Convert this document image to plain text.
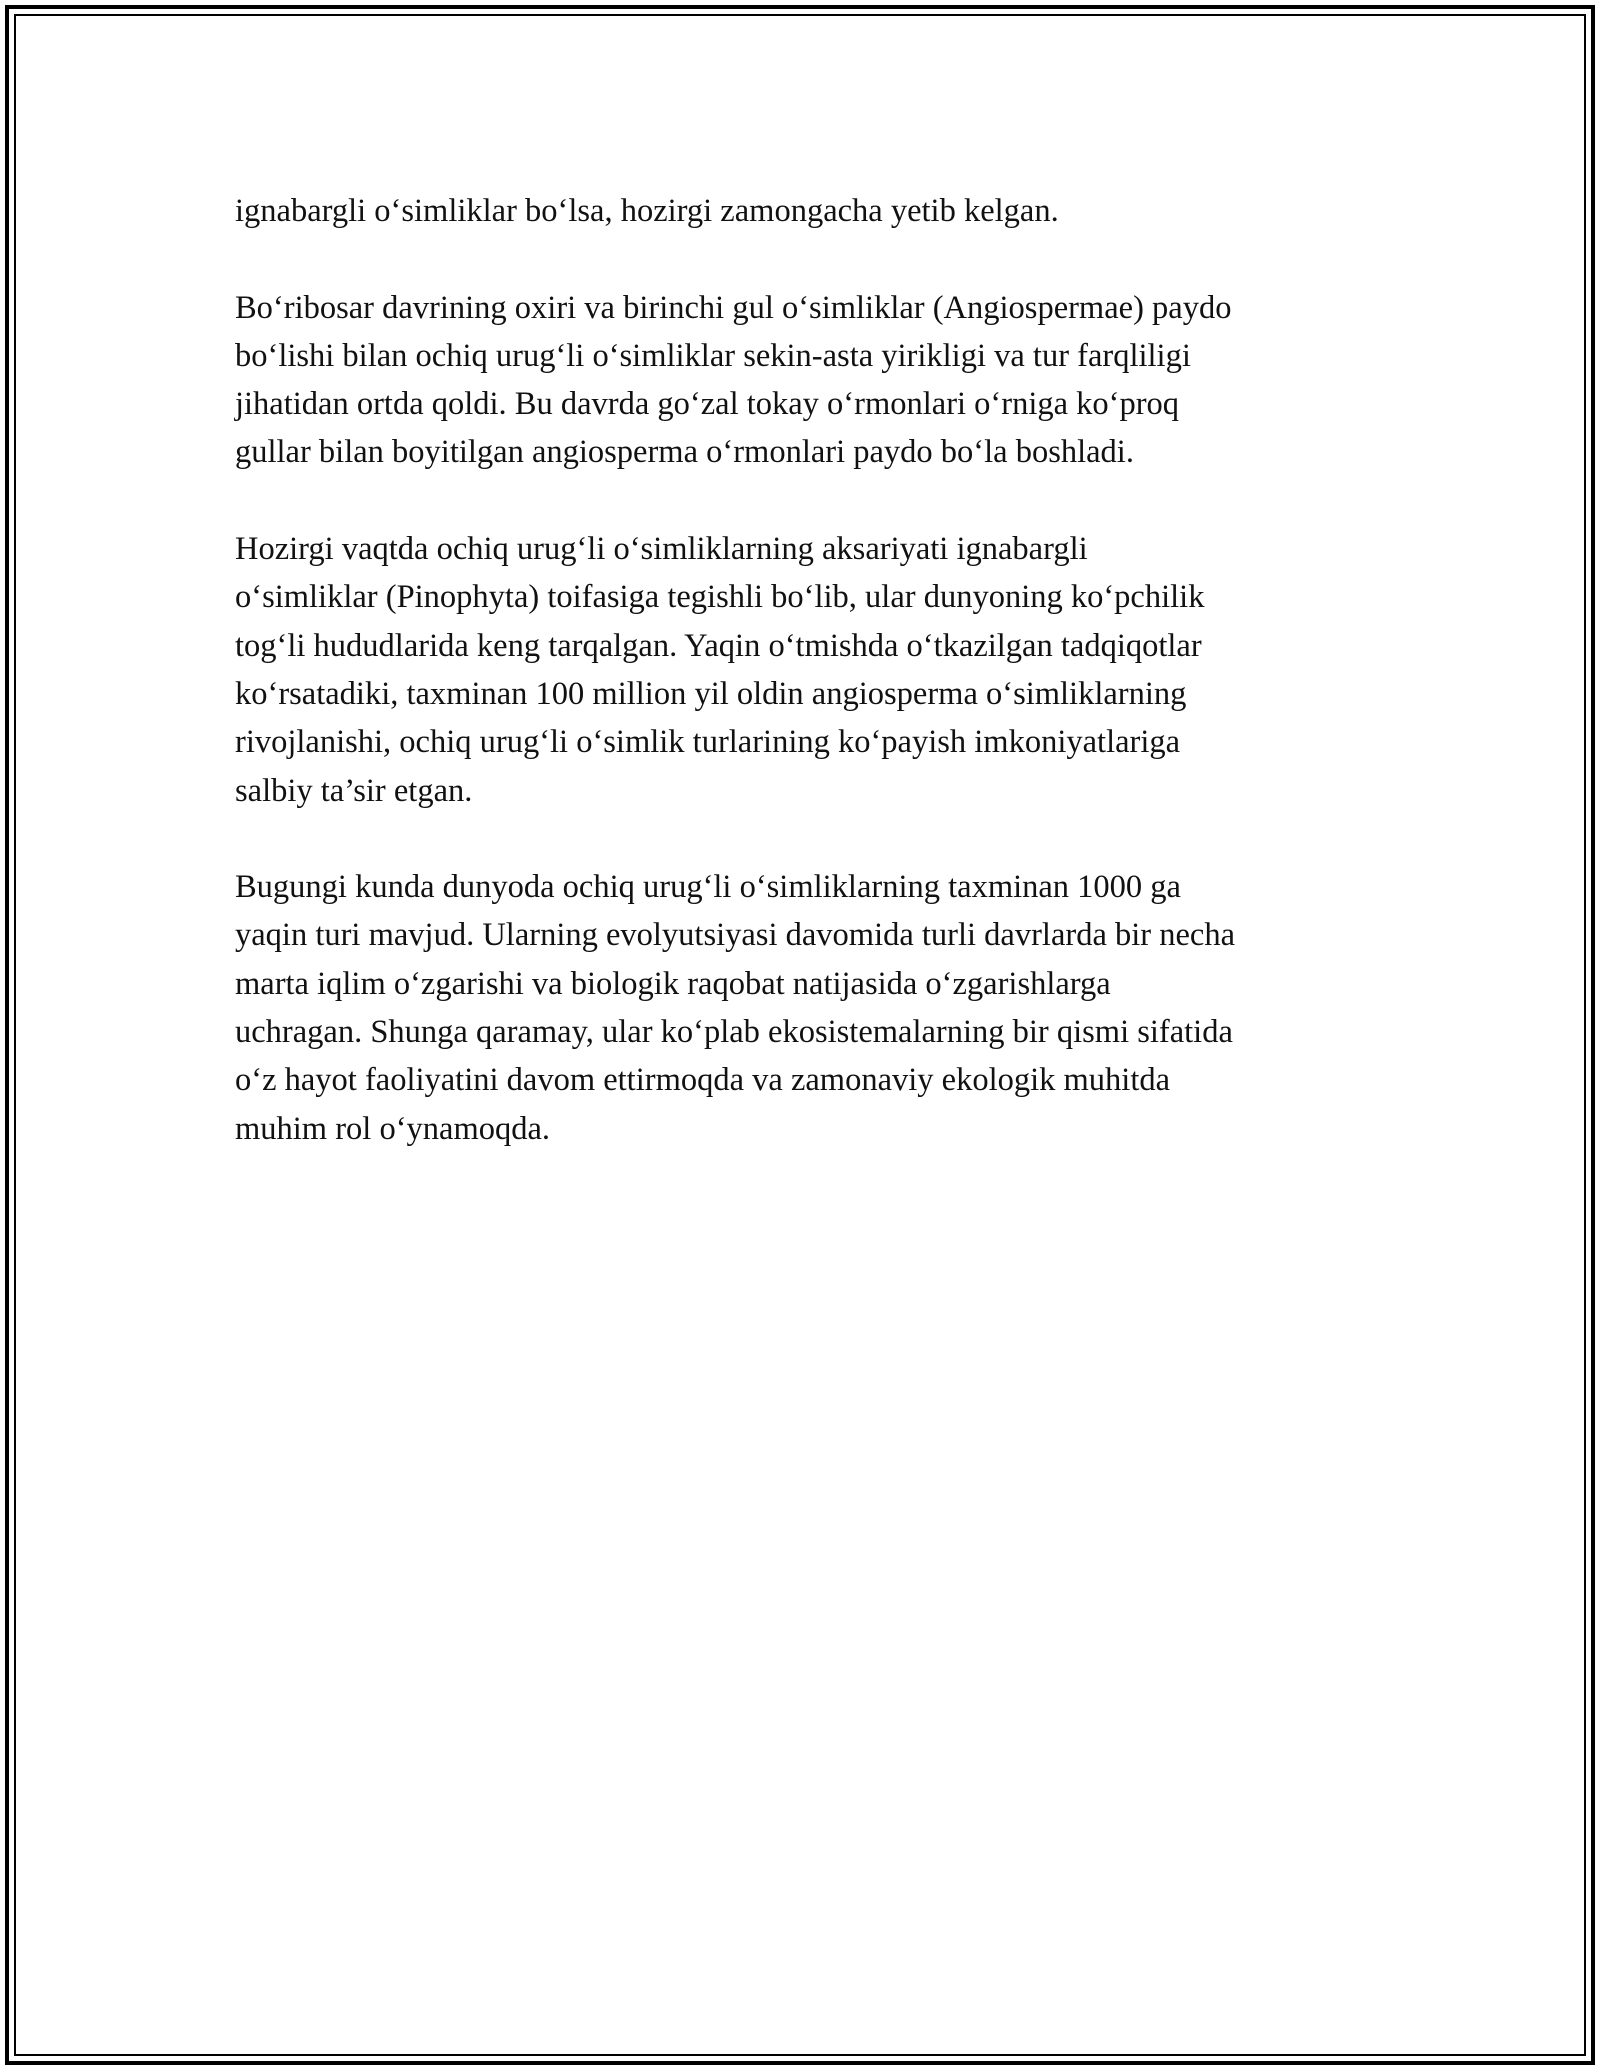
ignabargli o‘simliklar bo‘lsa, hozirgi zamongacha yetib kelgan.

Bo‘ribosar davrining oxiri va birinchi gul o‘simliklar (Angiospermae) paydo
bo‘lishi bilan ochiq urug‘li o‘simliklar sekin-asta yirikligi va tur farqliligi
jihatidan ortda qoldi. Bu davrda go‘zal tokay o‘rmonlari o‘rniga ko‘proq
gullar bilan boyitilgan angiosperma o‘rmonlari paydo bo‘la boshladi.

Hozirgi vaqtda ochiq urug‘li o‘simliklarning aksariyati ignabargli
o‘simliklar (Pinophyta) toifasiga tegishli bo‘lib, ular dunyoning ko‘pchilik
tog‘li hududlarida keng tarqalgan. Yaqin o‘tmishda o‘tkazilgan tadqiqotlar
ko‘rsatadiki, taxminan 100 million yil oldin angiosperma o‘simliklarning
rivojlanishi, ochiq urug‘li o‘simlik turlarining ko‘payish imkoniyatlariga
salbiy ta’sir etgan.

Bugungi kunda dunyoda ochiq urug‘li o‘simliklarning taxminan 1000 ga
yaqin turi mavjud. Ularning evolyutsiyasi davomida turli davrlarda bir necha
marta iqlim o‘zgarishi va biologik raqobat natijasida o‘zgarishlarga
uchragan. Shunga qaramay, ular ko‘plab ekosistemalarning bir qismi sifatida
o‘z hayot faoliyatini davom ettirmoqda va zamonaviy ekologik muhitda
muhim rol o‘ynamoqda.
